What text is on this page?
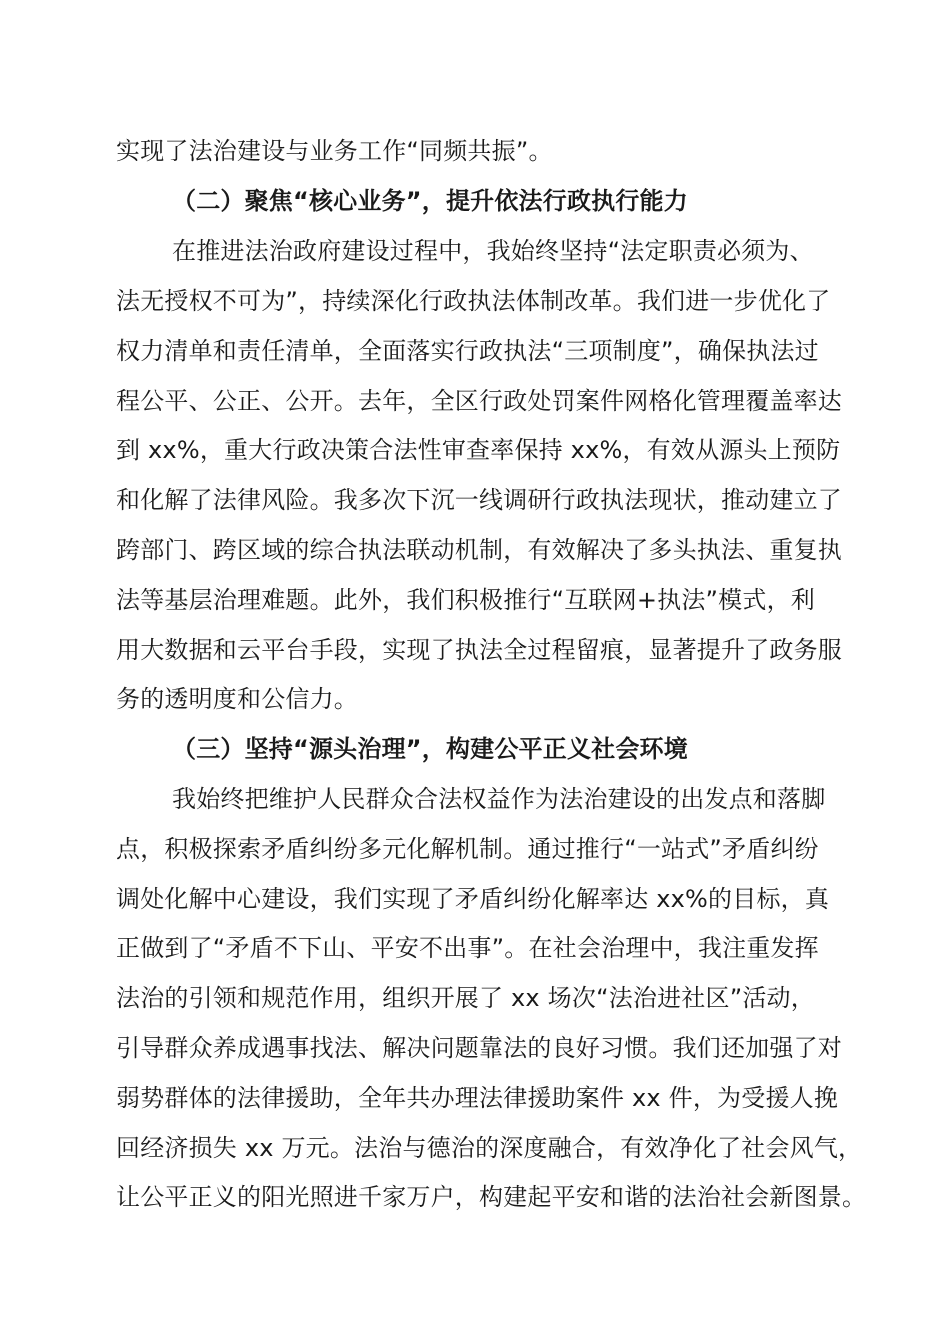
实现了法治建设与业务工作“同频共振”。
（二）聚焦“核心业务”，提升依法行政执行能力
在推进法治政府建设过程中，我始终坚持“法定职责必须为、
法无授权不可为”，持续深化行政执法体制改革。我们进一步优化了
权力清单和责任清单，全面落实行政执法“三项制度”，确保执法过
程公平、公正、公开。去年，全区行政处罚案件网格化管理覆盖率达
到 xx%，重大行政决策合法性审查率保持 xx%，有效从源头上预防
和化解了法律风险。我多次下沉一线调研行政执法现状，推动建立了
跨部门、跨区域的综合执法联动机制，有效解决了多头执法、重复执
法等基层治理难题。此外，我们积极推行“互联网+执法”模式，利
用大数据和云平台手段，实现了执法全过程留痕，显著提升了政务服
务的透明度和公信力。
（三）坚持“源头治理”，构建公平正义社会环境
我始终把维护人民群众合法权益作为法治建设的出发点和落脚
点，积极探索矛盾纠纷多元化解机制。通过推行“一站式”矛盾纠纷
调处化解中心建设，我们实现了矛盾纠纷化解率达 xx%的目标，真
正做到了“矛盾不下山、平安不出事”。在社会治理中，我注重发挥
法治的引领和规范作用，组织开展了 xx 场次“法治进社区”活动，
引导群众养成遇事找法、解决问题靠法的良好习惯。我们还加强了对
弱势群体的法律援助，全年共办理法律援助案件 xx 件，为受援人挽
回经济损失 xx 万元。法治与德治的深度融合，有效净化了社会风气，
让公平正义的阳光照进千家万户，构建起平安和谐的法治社会新图景。
